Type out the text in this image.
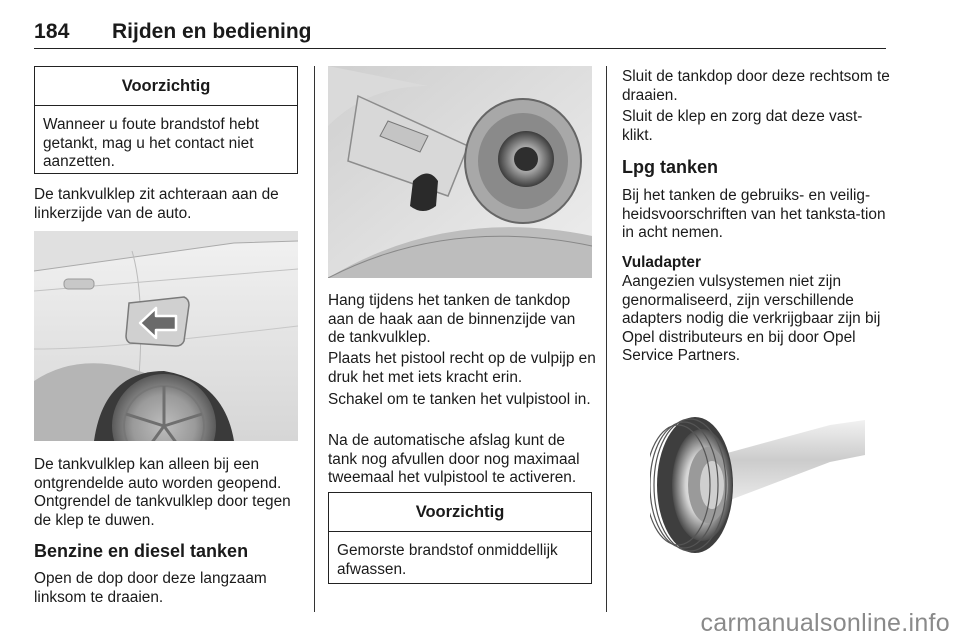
184 Rijden en bediening
Voorzichtig
Wanneer u foute brandstof hebt getankt, mag u het contact niet aanzetten.

De tankvulklep zit achteraan aan de linkerzijde van de auto.

De tankvulklep kan alleen bij een ontgrendelde auto worden geopend. Ontgrendel de tankvulklep door tegen de klep te duwen.

Benzine en diesel tanken

Open de dop door deze langzaam linksom te draaien.

Hang tijdens het tanken de tankdop aan de haak aan de binnenzijde van de tankvulklep.

Plaats het pistool recht op de vulpijp en druk het met iets kracht erin.

Schakel om te tanken het vulpistool in.

Na de automatische afslag kunt de tank nog afvullen door nog maximaal tweemaal het vulpistool te activeren.

Voorzichtig
Gemorste brandstof onmiddellijk afwassen.

Sluit de tankdop door deze rechtsom te draaien.

Sluit de klep en zorg dat deze vast-klikt.

Lpg tanken

Bij het tanken de gebruiks- en veilig-heidsvoorschriften van het tanksta-tion in acht nemen.

Vuladapter

Aangezien vulsystemen niet zijn genormaliseerd, zijn verschillende adapters nodig die verkrijgbaar zijn bij Opel distributeurs en bij door Opel Service Partners.

carmanualsonline.info
